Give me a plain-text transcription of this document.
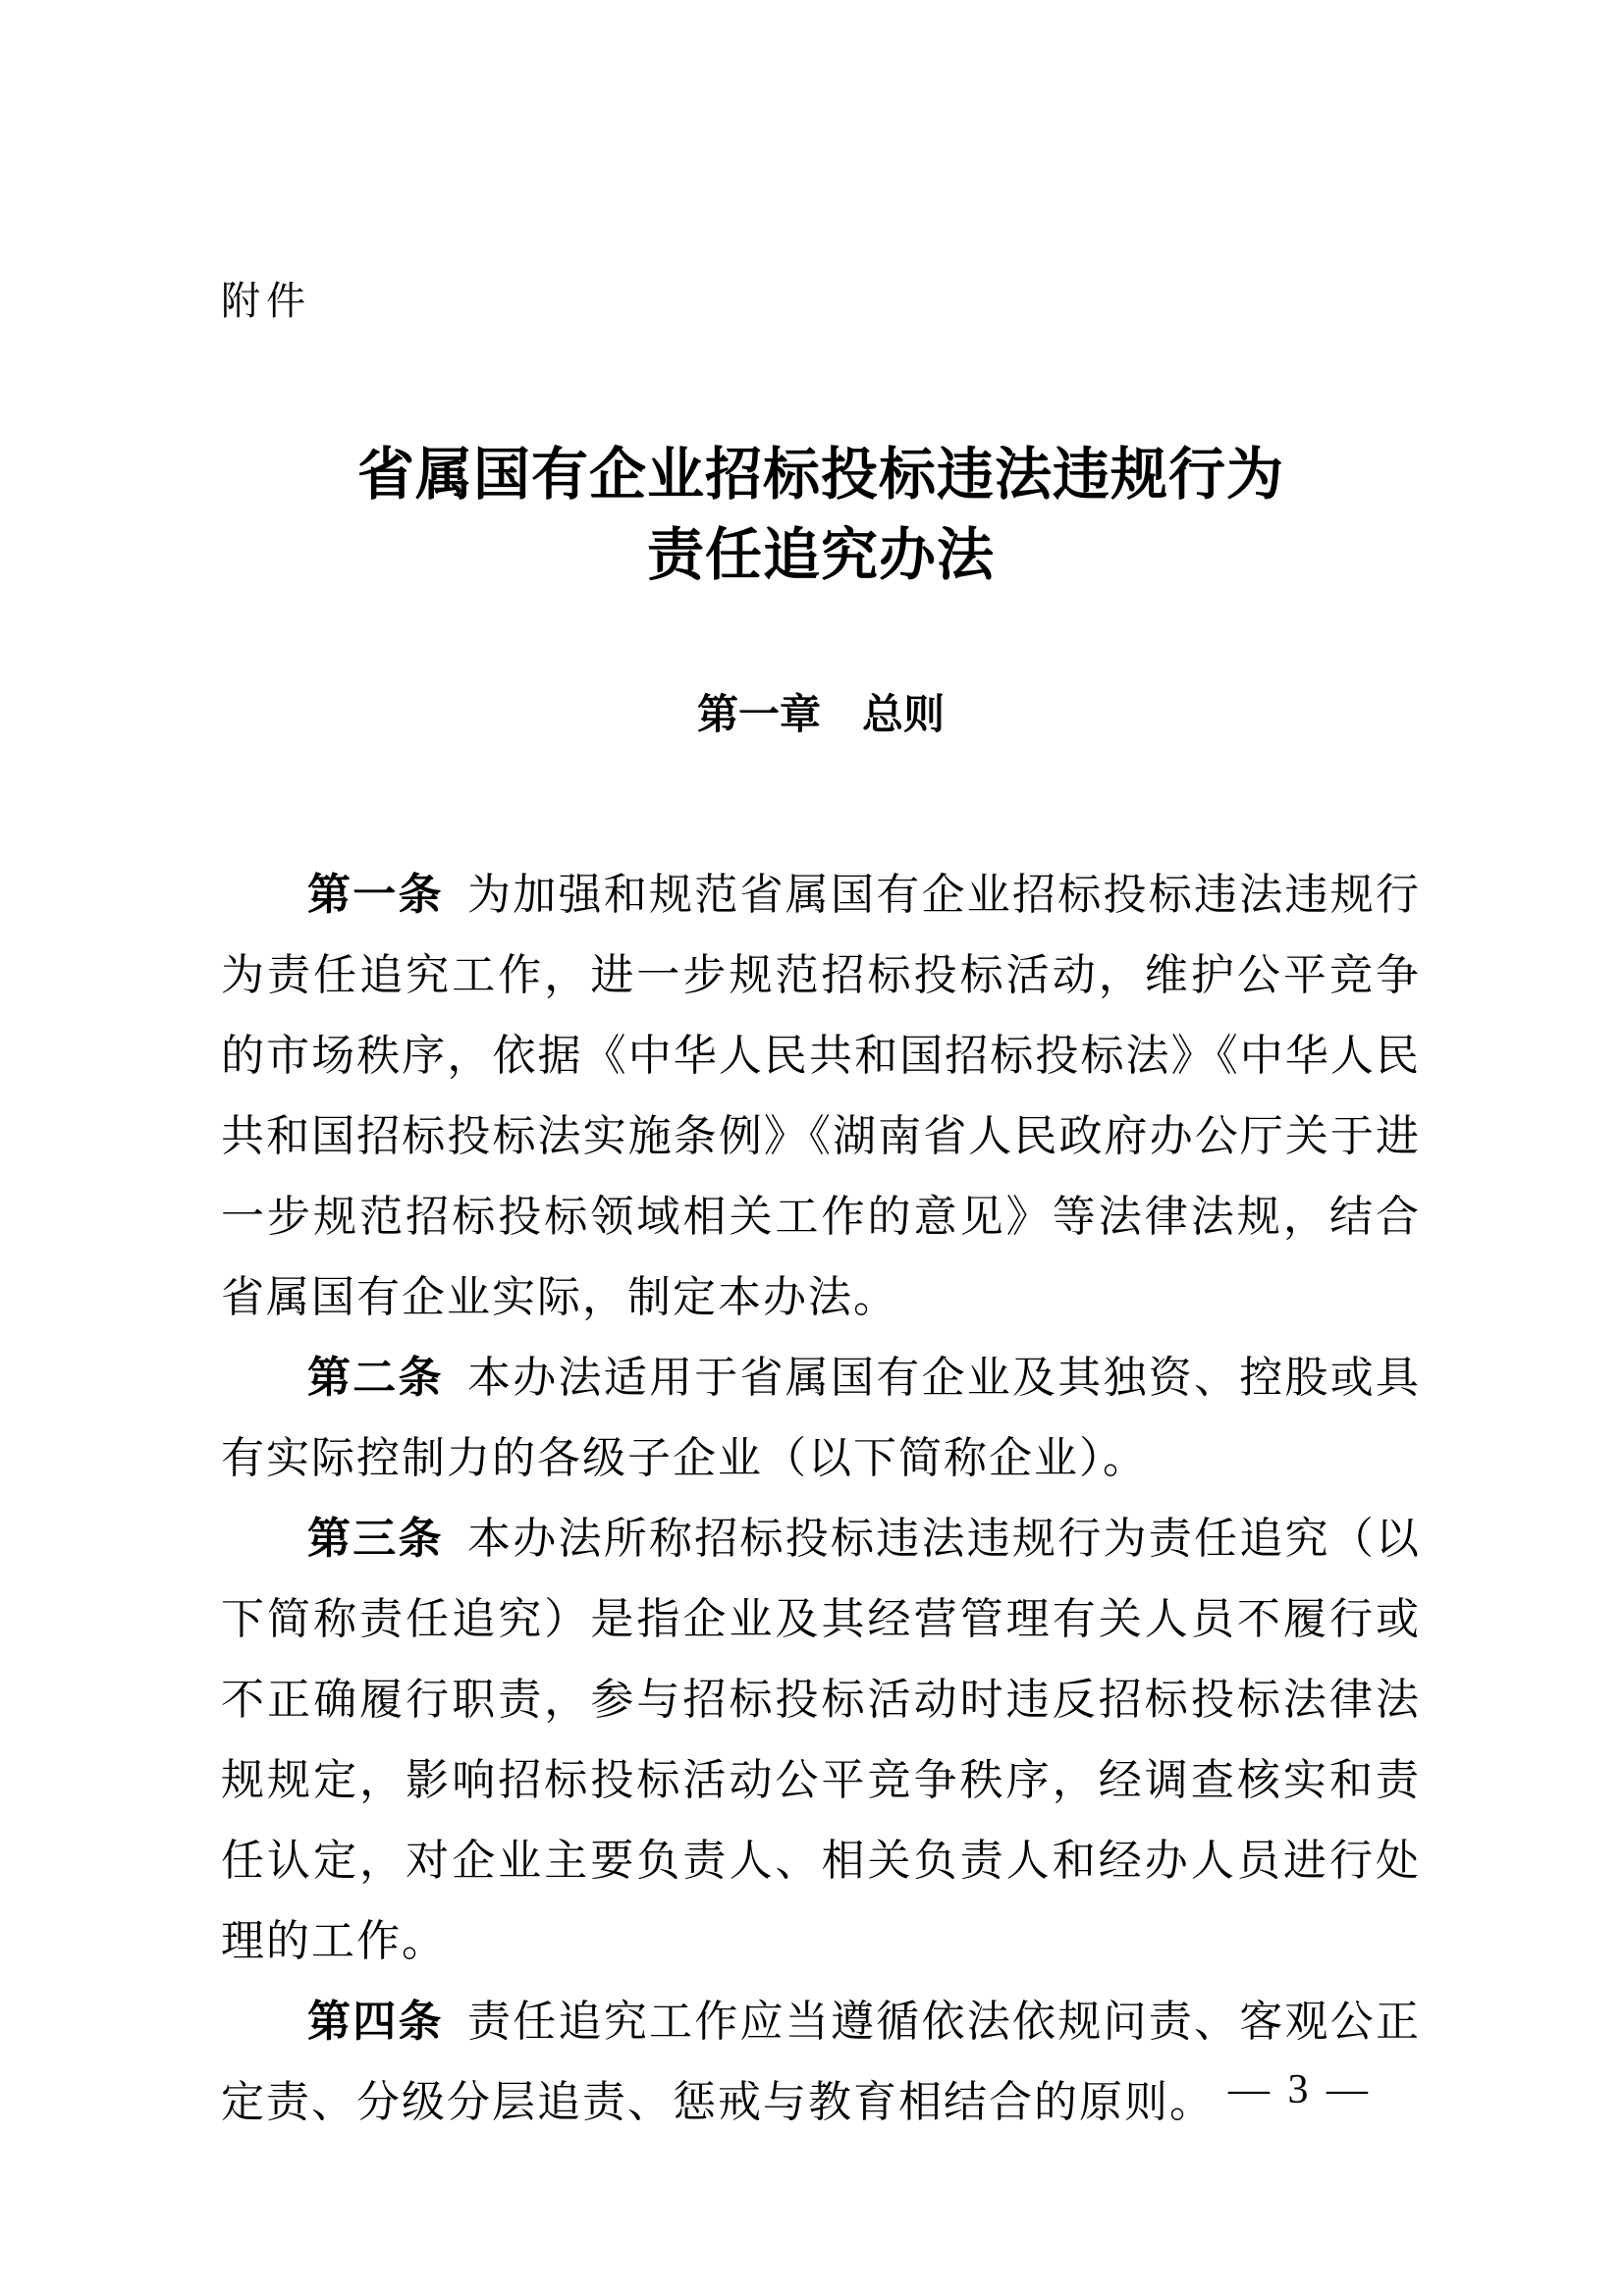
附件
省属国有企业招标投标违法违规行为
责任追究办法
第一章 总则

第一条 为加强和规范省属国有企业招标投标违法违规行为责任追究工作，进一步规范招标投标活动，维护公平竞争的市场秩序，依据《中华人民共和国招标投标法》《中华人民共和国招标投标法实施条例》《湖南省人民政府办公厅关于进一步规范招标投标领域相关工作的意见》等法律法规，结合省属国有企业实际，制定本办法。

第二条 本办法适用于省属国有企业及其独资、控股或具有实际控制力的各级子企业（以下简称企业）。

第三条 本办法所称招标投标违法违规行为责任追究（以下简称责任追究）是指企业及其经营管理有关人员不履行或不正确履行职责，参与招标投标活动时违反招标投标法律法规规定，影响招标投标活动公平竞争秩序，经调查核实和责任认定，对企业主要负责人、相关负责人和经办人员进行处理的工作。

第四条 责任追究工作应当遵循依法依规问责、客观公正定责、分级分层追责、惩戒与教育相结合的原则。 — 3 —
